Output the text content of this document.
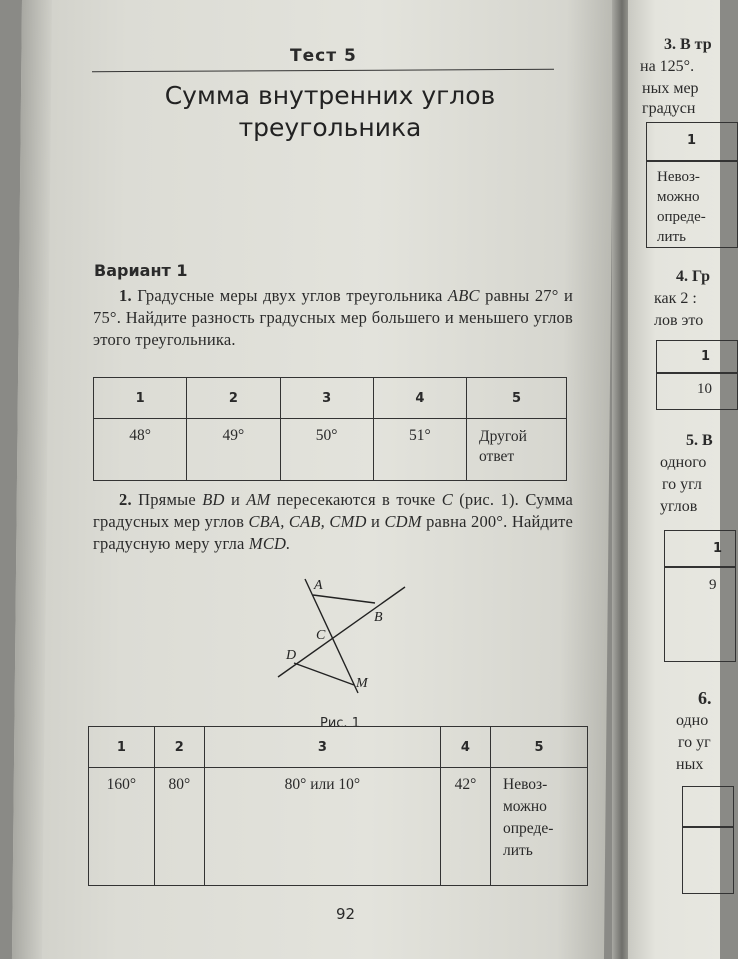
Тест 5
Сумма внутренних углов
треугольника
Вариант 1
1. Градусные меры двух углов треугольника ABC равны 27° и 75°. Найдите разность градусных мер большего и меньшего углов этого треугольника.
1	2	3	4	5
48°	49°	50°	51°	Другой ответ
2. Прямые BD и AM пересекаются в точке C (рис. 1). Сумма градусных мер углов CBA, CAB, CMD и CDM равна 200°. Найдите градусную меру угла MCD.
A
B
C
D
M
Рис. 1
1	2	3	4	5
160°	80°	80° или 10°	42°	Невоз- можно опреде- лить
92
3. В тр
на 125°.
ных мер
градусн
1
Невоз-
можно
опреде-
лить
4. Гр
как 2 :
лов это
1
10
5. В
одного
го угл
углов
1
9
6.
одно
го уг
ных
